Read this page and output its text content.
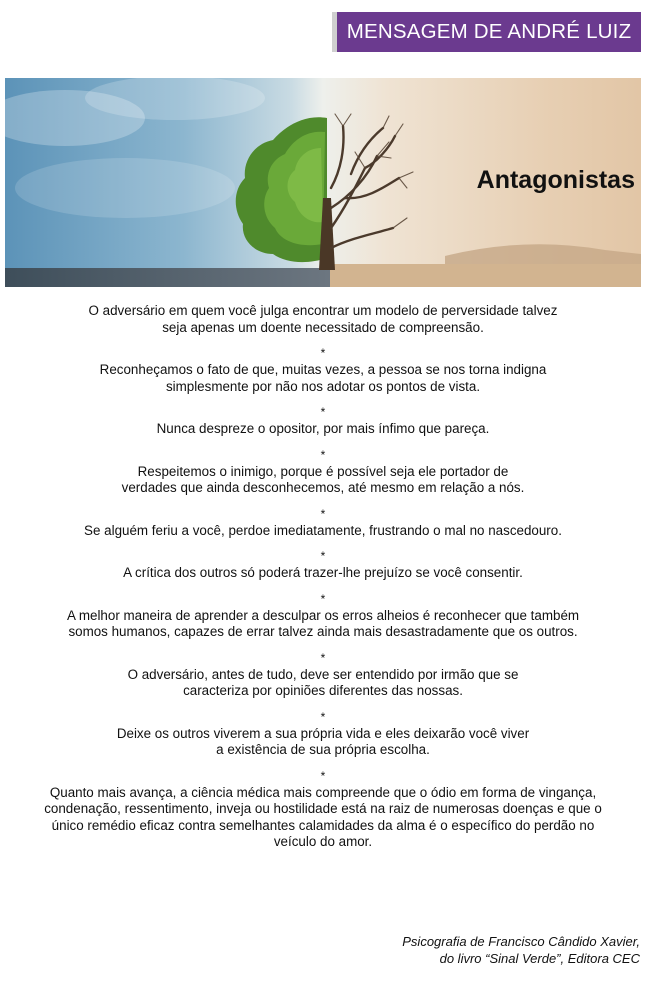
MENSAGEM DE ANDRÉ LUIZ
Antagonistas

O adversário em quem você julga encontrar um modelo de perversidade talvez
seja apenas um doente necessitado de compreensão.

*

Reconheçamos o fato de que, muitas vezes, a pessoa se nos torna indigna
simplesmente por não nos adotar os pontos de vista.

*

Nunca despreze o opositor, por mais ínfimo que pareça.

*

Respeitemos o inimigo, porque é possível seja ele portador de
verdades que ainda desconhecemos, até mesmo em relação a nós.

*

Se alguém feriu a você, perdoe imediatamente, frustrando o mal no nascedouro.

*

A crítica dos outros só poderá trazer-lhe prejuízo se você consentir.

*

A melhor maneira de aprender a desculpar os erros alheios é reconhecer que também
somos humanos, capazes de errar talvez ainda mais desastradamente que os outros.

*

O adversário, antes de tudo, deve ser entendido por irmão que se
caracteriza por opiniões diferentes das nossas.

*

Deixe os outros viverem a sua própria vida e eles deixarão você viver
a existência de sua própria escolha.

*

Quanto mais avança, a ciência médica mais compreende que o ódio em forma de vingança,
condenação, ressentimento, inveja ou hostilidade está na raiz de numerosas doenças e que o
único remédio eficaz contra semelhantes calamidades da alma é o específico do perdão no
veículo do amor.

Psicografia de Francisco Cândido Xavier,
do livro “Sinal Verde”, Editora CEC
